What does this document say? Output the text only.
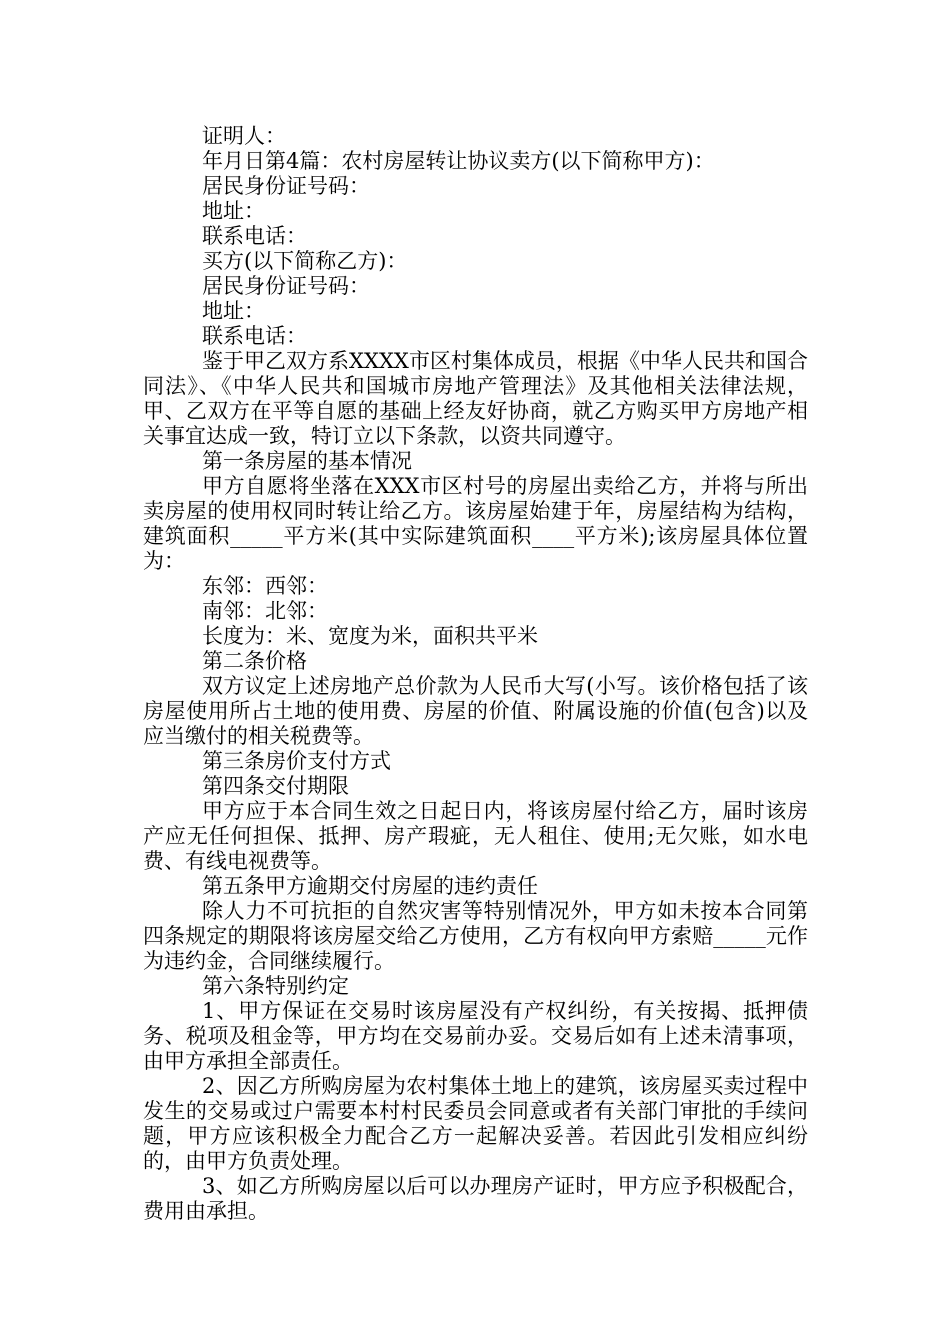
证明人：

年月日第4篇：农村房屋转让协议卖方(以下简称甲方)：

居民身份证号码：

地址：

联系电话：

买方(以下简称乙方)：

居民身份证号码：

地址：

联系电话：

鉴于甲乙双方系XXXX市区村集体成员，根据《中华人民共和国合同法》、《中华人民共和国城市房地产管理法》及其他相关法律法规，甲、乙双方在平等自愿的基础上经友好协商，就乙方购买甲方房地产相关事宜达成一致，特订立以下条款，以资共同遵守。

第一条房屋的基本情况

甲方自愿将坐落在XXX市区村号的房屋出卖给乙方，并将与所出卖房屋的使用权同时转让给乙方。该房屋始建于年，房屋结构为结构，建筑面积_____平方米(其中实际建筑面积____平方米);该房屋具体位置为：

东邻：西邻：

南邻：北邻：

长度为：米、宽度为米，面积共平米

第二条价格

双方议定上述房地产总价款为人民币大写(小写。该价格包括了该房屋使用所占土地的使用费、房屋的价值、附属设施的价值(包含)以及应当缴付的相关税费等。

第三条房价支付方式

第四条交付期限

甲方应于本合同生效之日起日内，将该房屋付给乙方，届时该房产应无任何担保、抵押、房产瑕疵，无人租住、使用;无欠账，如水电费、有线电视费等。

第五条甲方逾期交付房屋的违约责任

除人力不可抗拒的自然灾害等特别情况外，甲方如未按本合同第四条规定的期限将该房屋交给乙方使用，乙方有权向甲方索赔_____元作为违约金，合同继续履行。

第六条特别约定

1、甲方保证在交易时该房屋没有产权纠纷，有关按揭、抵押债务、税项及租金等，甲方均在交易前办妥。交易后如有上述未清事项，由甲方承担全部责任。

2、因乙方所购房屋为农村集体土地上的建筑，该房屋买卖过程中发生的交易或过户需要本村村民委员会同意或者有关部门审批的手续问题，甲方应该积极全力配合乙方一起解决妥善。若因此引发相应纠纷的，由甲方负责处理。

3、如乙方所购房屋以后可以办理房产证时，甲方应予积极配合，费用由承担。
